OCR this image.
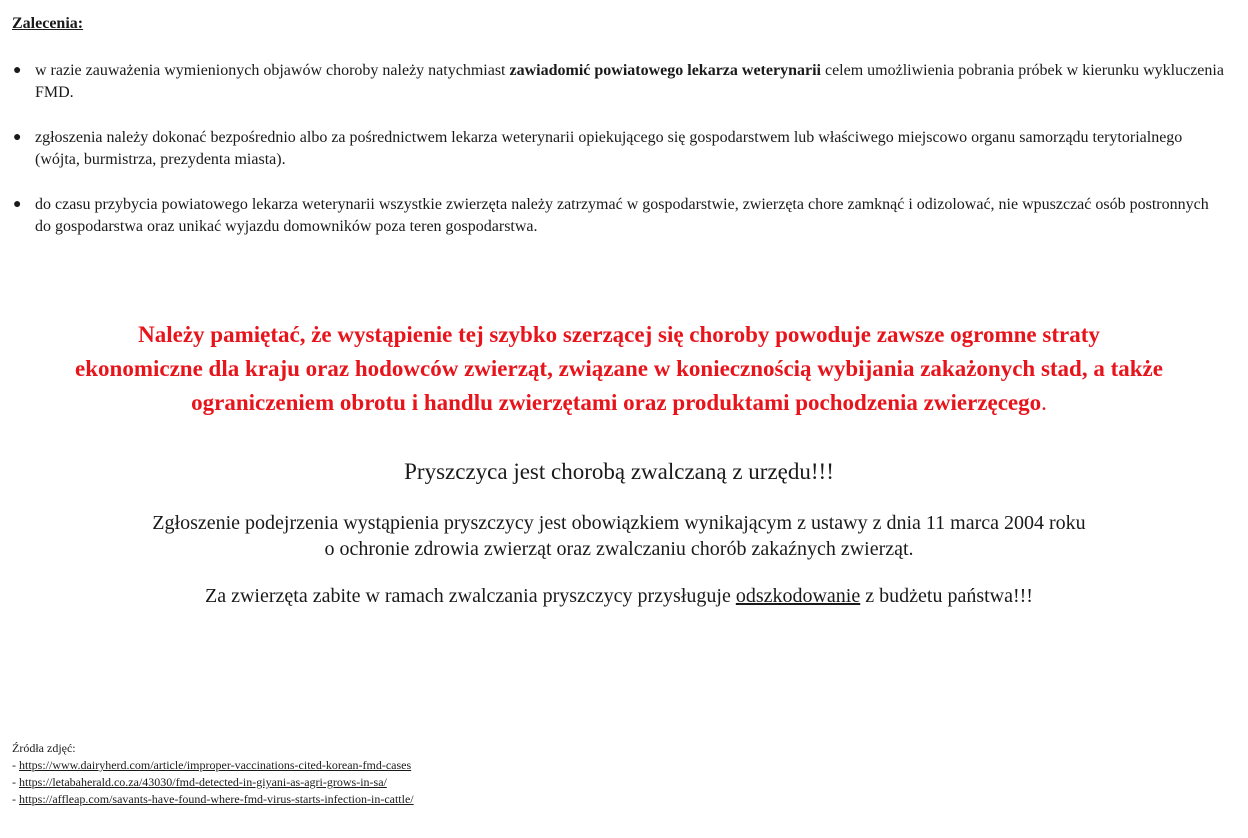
Zalecenia:
● w razie zauważenia wymienionych objawów choroby należy natychmiast zawiadomić powiatowego lekarza weterynarii celem umożliwienia pobrania próbek w kierunku wykluczenia FMD.
● zgłoszenia należy dokonać bezpośrednio albo za pośrednictwem lekarza weterynarii opiekującego się gospodarstwem lub właściwego miejscowo organu samorządu terytorialnego (wójta, burmistrza, prezydenta miasta).
● do czasu przybycia powiatowego lekarza weterynarii wszystkie zwierzęta należy zatrzymać w gospodarstwie, zwierzęta chore zamknąć i odizolować, nie wpuszczać osób postronnych do gospodarstwa oraz unikać wyjazdu domowników poza teren gospodarstwa.
Należy pamiętać, że wystąpienie tej szybko szerzącej się choroby powoduje zawsze ogromne straty
ekonomiczne dla kraju oraz hodowców zwierząt, związane w koniecznością wybijania zakażonych stad, a także
ograniczeniem obrotu i handlu zwierzętami oraz produktami pochodzenia zwierzęcego.
Pryszczyca jest chorobą zwalczaną z urzędu!!!
Zgłoszenie podejrzenia wystąpienia pryszczycy jest obowiązkiem wynikającym z ustawy z dnia 11 marca 2004 roku
o ochronie zdrowia zwierząt oraz zwalczaniu chorób zakaźnych zwierząt.
Za zwierzęta zabite w ramach zwalczania pryszczycy przysługuje odszkodowanie z budżetu państwa!!!
Źródła zdjęć:
- https://www.dairyherd.com/article/improper-vaccinations-cited-korean-fmd-cases
- https://letabaherald.co.za/43030/fmd-detected-in-giyani-as-agri-grows-in-sa/
- https://affleap.com/savants-have-found-where-fmd-virus-starts-infection-in-cattle/
